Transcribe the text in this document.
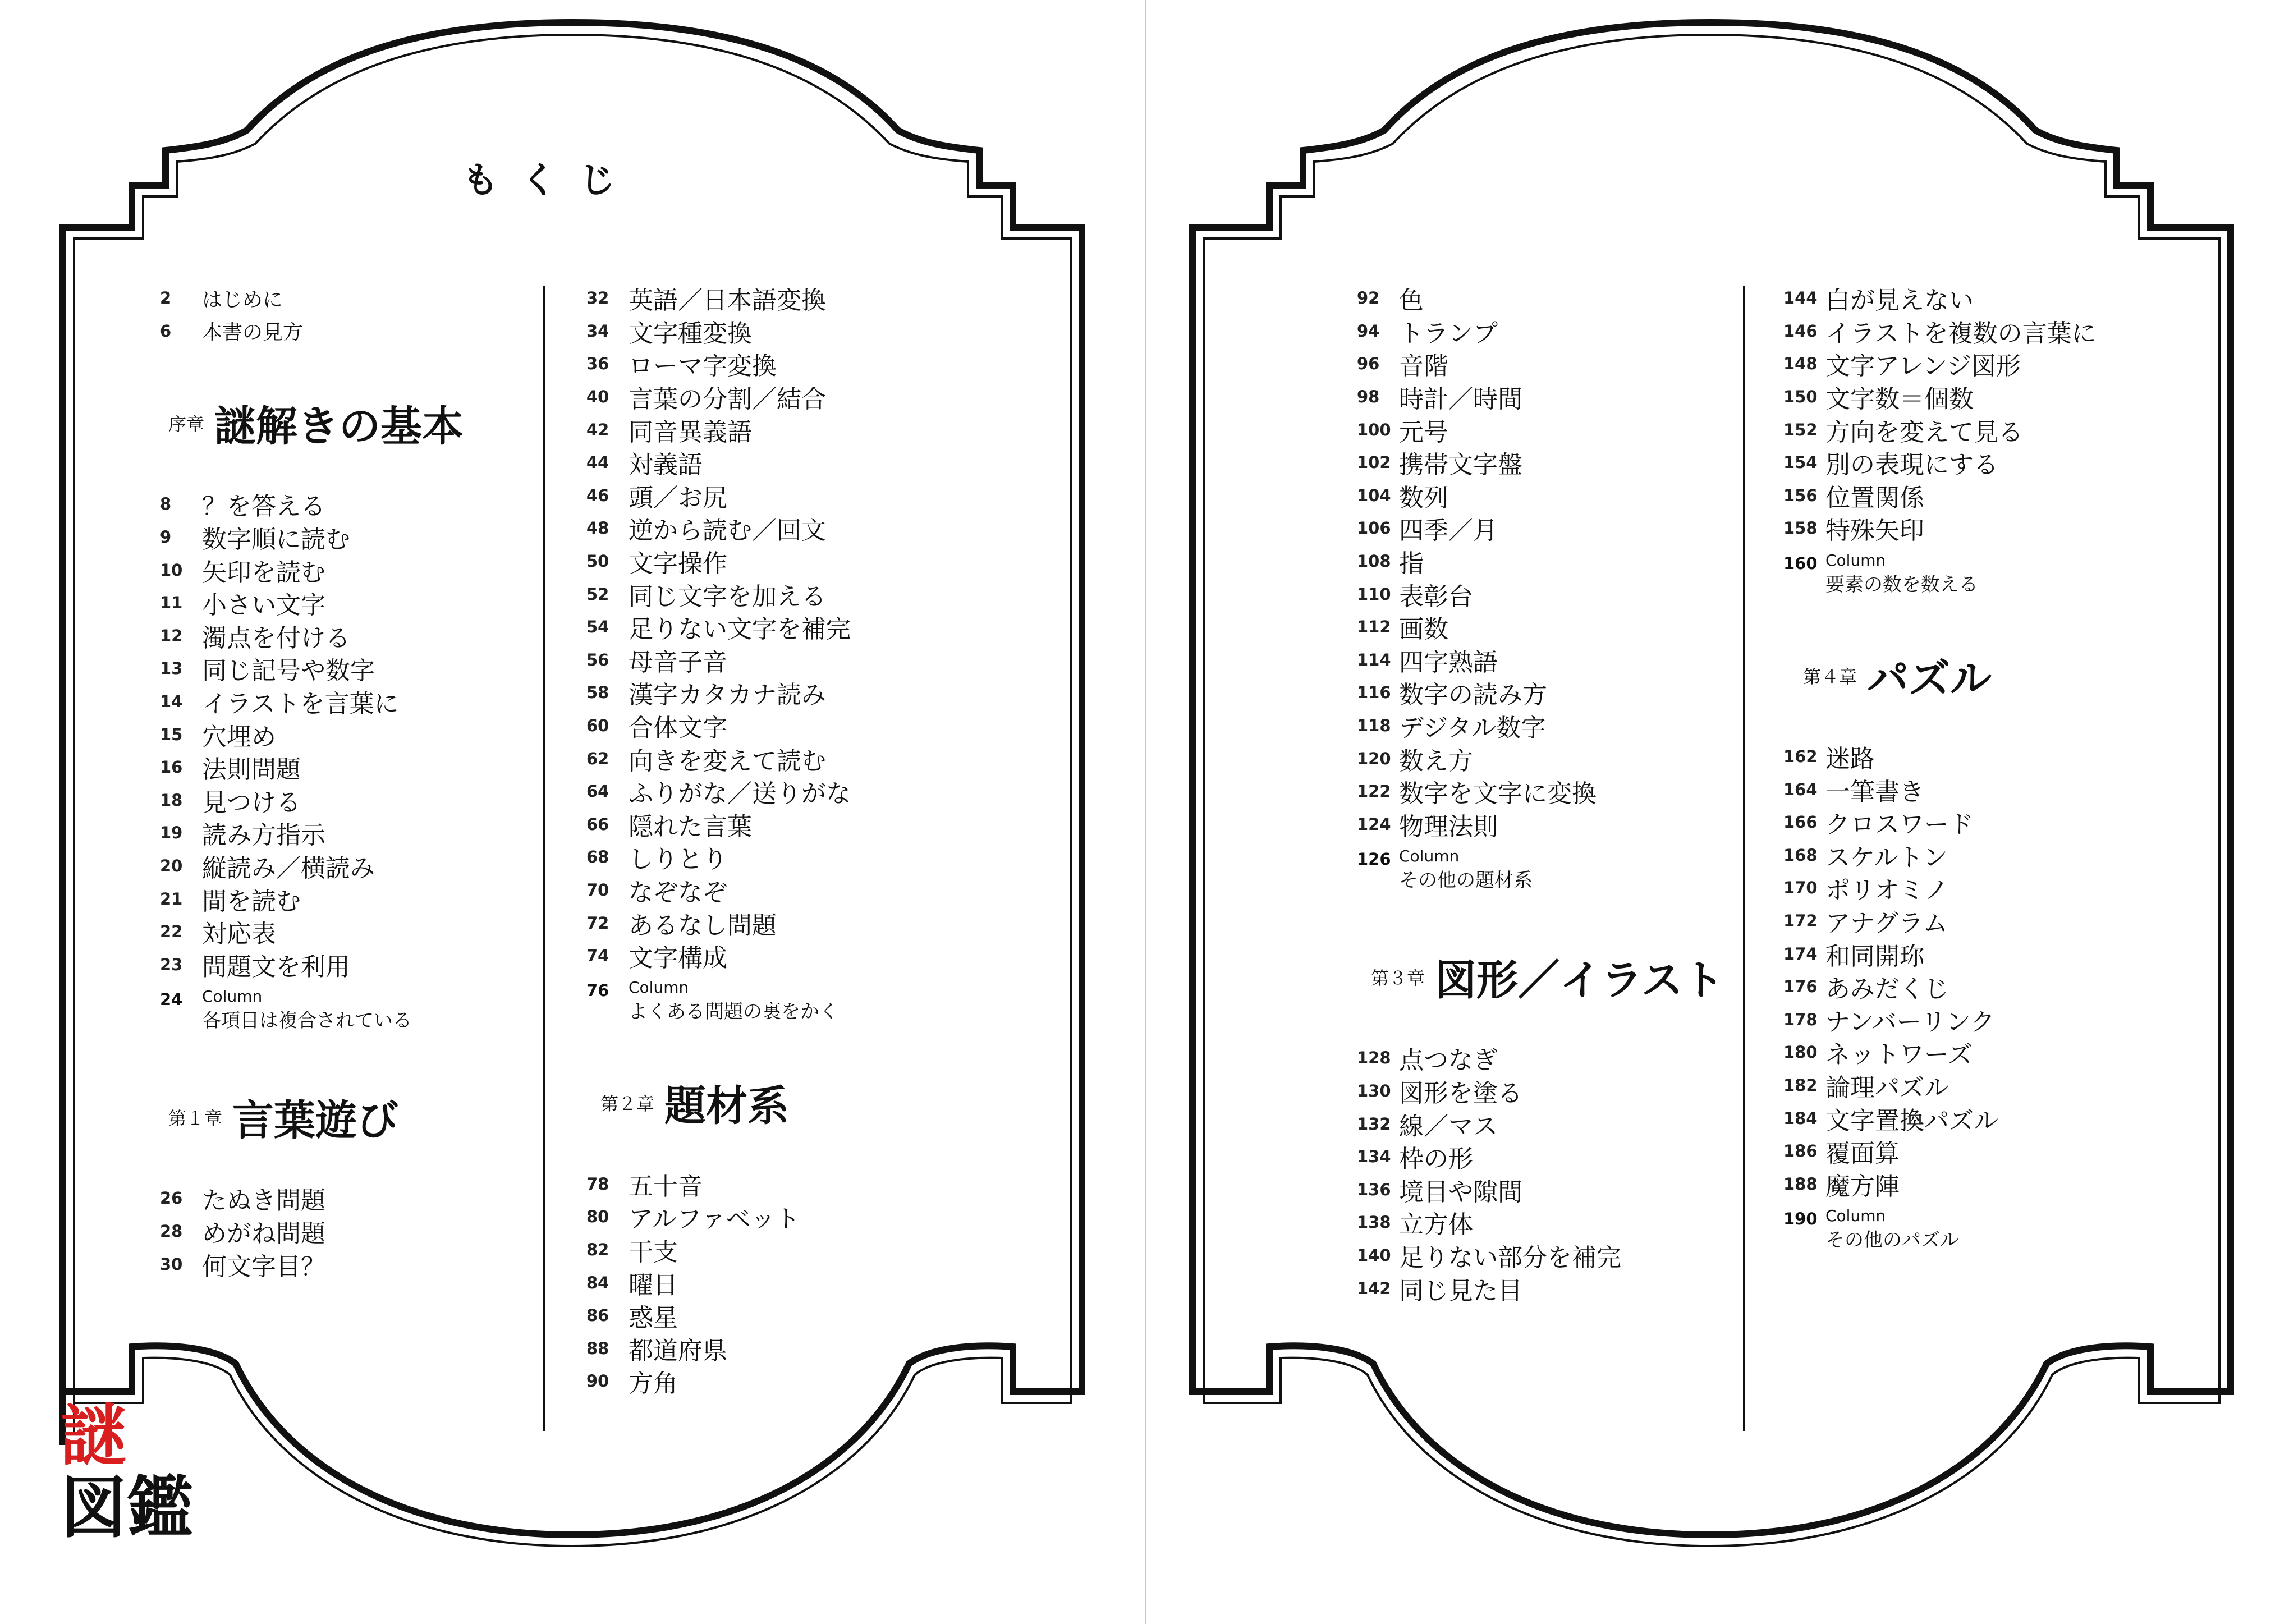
もくじ
2	はじめに
6	本書の見方
序章 謎解きの基本
8	？を答える
9	数字順に読む
10 矢印を読む
11 小さい文字
12 濁点を付ける
13 同じ記号や数字
14 イラストを言葉に
15 穴埋め
16 法則問題
18 見つける
19 読み方指示
20 縦読み／横読み
21 間を読む
22 対応表
23 問題文を利用
24	Column
各項目は複合されている
第１章 言葉遊び
26 たぬき問題
28 めがね問題
30 何文字目？
32 英語／日本語変換
34 文字種変換
36 ローマ字変換
40 言葉の分割／結合
42 同音異義語
44 対義語
46 頭／お尻
48 逆から読む／回文
50 文字操作
52 同じ文字を加える
54 足りない文字を補完
56 母音子音
58 漢字カタカナ読み
60 合体文字
62 向きを変えて読む
64 ふりがな／送りがな
66 隠れた言葉
68 しりとり
70 なぞなぞ
72 あるなし問題
74 文字構成
76	Column
よくある問題の裏をかく
第２章 題材系
78 五十音
80 アルファベット
82 干支
84 曜日
86 惑星
88 都道府県
90 方角
92 色
94 トランプ
96 音階
98 時計／時間
100 元号
102 携帯文字盤
104 数列
106 四季／月
108 指
110 表彰台
112 画数
114 四字熟語
116 数字の読み方
118 デジタル数字
120 数え方
122 数字を文字に変換
124 物理法則
126 Column
その他の題材系
第３章 図形／イラスト
128 点つなぎ
130 図形を塗る
132 線／マス
134 枠の形
136 境目や隙間
138 立方体
140 足りない部分を補完
142 同じ見た目
144 白が見えない
146 イラストを複数の言葉に
148 文字アレンジ図形
150 文字数＝個数
152 方向を変えて見る
154 別の表現にする
156 位置関係
158 特殊矢印
160 Column
要素の数を数える
第４章 パズル
162 迷路
164 一筆書き
166 クロスワード
168 スケルトン
170 ポリオミノ
172 アナグラム
174 和同開珎
176 あみだくじ
178 ナンバーリンク
180 ネットワーズ
182 論理パズル
184 文字置換パズル
186 覆面算
188 魔方陣
190 Column
その他のパズル
謎
図鑑
